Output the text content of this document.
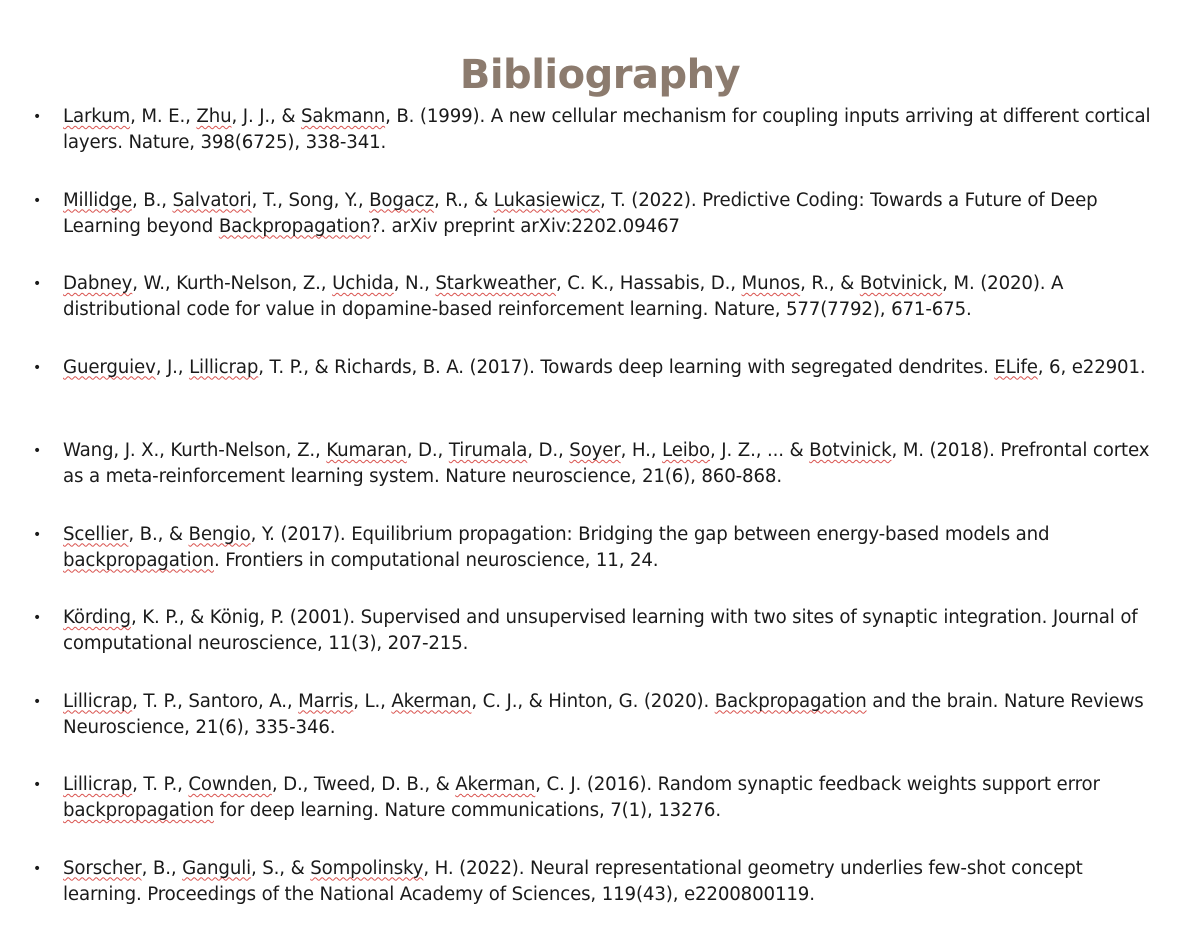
Bibliography
• Larkum, M. E., Zhu, J. J., & Sakmann, B. (1999). A new cellular mechanism for coupling inputs arriving at different cortical layers. Nature, 398(6725), 338-341.
• Millidge, B., Salvatori, T., Song, Y., Bogacz, R., & Lukasiewicz, T. (2022). Predictive Coding: Towards a Future of Deep Learning beyond Backpropagation?. arXiv preprint arXiv:2202.09467
• Dabney, W., Kurth-Nelson, Z., Uchida, N., Starkweather, C. K., Hassabis, D., Munos, R., & Botvinick, M. (2020). A distributional code for value in dopamine-based reinforcement learning. Nature, 577(7792), 671-675.
• Guerguiev, J., Lillicrap, T. P., & Richards, B. A. (2017). Towards deep learning with segregated dendrites. ELife, 6, e22901.
• Wang, J. X., Kurth-Nelson, Z., Kumaran, D., Tirumala, D., Soyer, H., Leibo, J. Z., ... & Botvinick, M. (2018). Prefrontal cortex as a meta-reinforcement learning system. Nature neuroscience, 21(6), 860-868.
• Scellier, B., & Bengio, Y. (2017). Equilibrium propagation: Bridging the gap between energy-based models and backpropagation. Frontiers in computational neuroscience, 11, 24.
• Körding, K. P., & König, P. (2001). Supervised and unsupervised learning with two sites of synaptic integration. Journal of computational neuroscience, 11(3), 207-215.
• Lillicrap, T. P., Santoro, A., Marris, L., Akerman, C. J., & Hinton, G. (2020). Backpropagation and the brain. Nature Reviews Neuroscience, 21(6), 335-346.
• Lillicrap, T. P., Cownden, D., Tweed, D. B., & Akerman, C. J. (2016). Random synaptic feedback weights support error backpropagation for deep learning. Nature communications, 7(1), 13276.
• Sorscher, B., Ganguli, S., & Sompolinsky, H. (2022). Neural representational geometry underlies few-shot concept learning. Proceedings of the National Academy of Sciences, 119(43), e2200800119.
